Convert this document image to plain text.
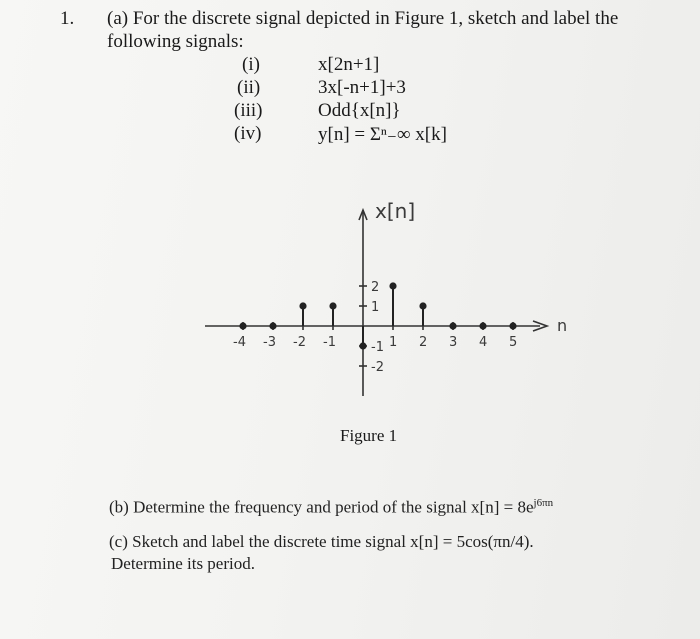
1. (a) For the discrete signal depicted in Figure 1, sketch and label the
following signals:
(i)	x[2n+1]
(ii)	3x[-n+1]+3
(iii)	Odd{x[n]}
(iv)	y[n] = Σⁿ₋∞ x[k]
x[n]
n
2
1
-1
-2
-4 -3 -2 -1	1 2 3 4 5
Figure 1
(b) Determine the frequency and period of the signal $x[n] = 8e^{j6\pi n}$
(c) Sketch and label the discrete time signal x[n] = 5cos(πn/4).
Determine its period.
